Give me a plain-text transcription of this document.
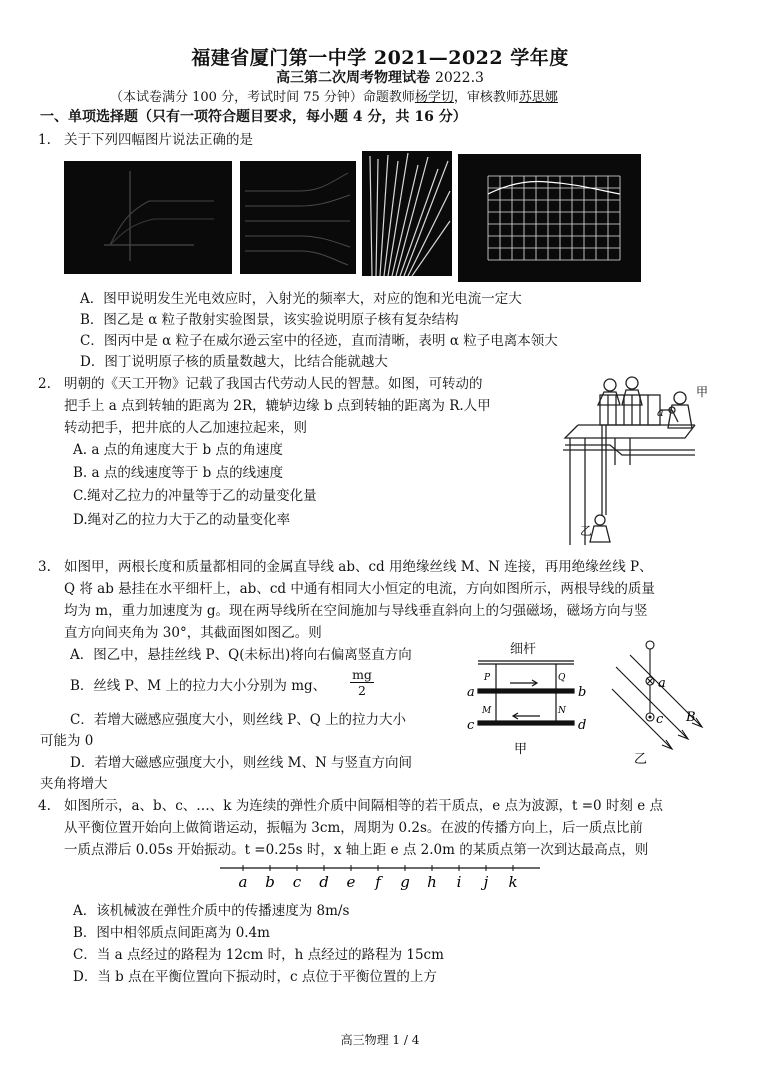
福建省厦门第一中学 2021—2022 学年度
高三第二次周考物理试卷 2022.3
（本试卷满分 100 分，考试时间 75 分钟）命题教师杨学切，审核教师苏思娜
一、单项选择题（只有一项符合题目要求，每小题 4 分，共 16 分）
1. 关于下列四幅图片说法正确的是
A．图甲说明发生光电效应时，入射光的频率大，对应的饱和光电流一定大
B．图乙是 α 粒子散射实验图景，该实验说明原子核有复杂结构
C．图丙中是 α 粒子在威尔逊云室中的径迹，直而清晰，表明 α 粒子电离本领大
D．图丁说明原子核的质量数越大，比结合能就越大
2. 明朝的《天工开物》记载了我国古代劳动人民的智慧。如图，可转动的
把手上 a 点到转轴的距离为 2R，辘轳边缘 b 点到转轴的距离为 R.人甲
转动把手，把井底的人乙加速拉起来，则
A. a 点的角速度大于 b 点的角速度
B. a 点的线速度等于 b 点的线速度
C.绳对乙拉力的冲量等于乙的动量变化量
D.绳对乙的拉力大于乙的动量变化率
甲
a
乙
3. 如图甲，两根长度和质量都相同的金属直导线 ab、cd 用绝缘丝线 M、N 连接，再用绝缘丝线 P、
Q 将 ab 悬挂在水平细杆上，ab、cd 中通有相同大小恒定的电流，方向如图所示，两根导线的质量
均为 m，重力加速度为 g。现在两导线所在空间施加与导线垂直斜向上的匀强磁场，磁场方向与竖
直方向间夹角为 30°，其截面图如图乙。则
A．图乙中，悬挂丝线 P、Q(未标出)将向右偏离竖直方向
B．丝线 P、M 上的拉力大小分别为 mg、 $\frac{mg}{2}$
C．若增大磁感应强度大小，则丝线 P、Q 上的拉力大小
可能为 0
D．若增大磁感应强度大小，则丝线 M、N 与竖直方向间
夹角将增大
细杆
P	Q
M	N
a	b
c	d
甲
a
c B
乙
4. 如图所示，a、b、c、…、k 为连续的弹性介质中间隔相等的若干质点，e 点为波源，t =0 时刻 e 点
从平衡位置开始向上做简谐运动，振幅为 3cm，周期为 0.2s。在波的传播方向上，后一质点比前
一质点滞后 0.05s 开始振动。t =0.25s 时，x 轴上距 e 点 2.0m 的某质点第一次到达最高点，则
a b c d e f g h i j k
A．该机械波在弹性介质中的传播速度为 8m/s
B．图中相邻质点间距离为 0.4m
C．当 a 点经过的路程为 12cm 时，h 点经过的路程为 15cm
D．当 b 点在平衡位置向下振动时，c 点位于平衡位置的上方
高三物理 1 / 4
